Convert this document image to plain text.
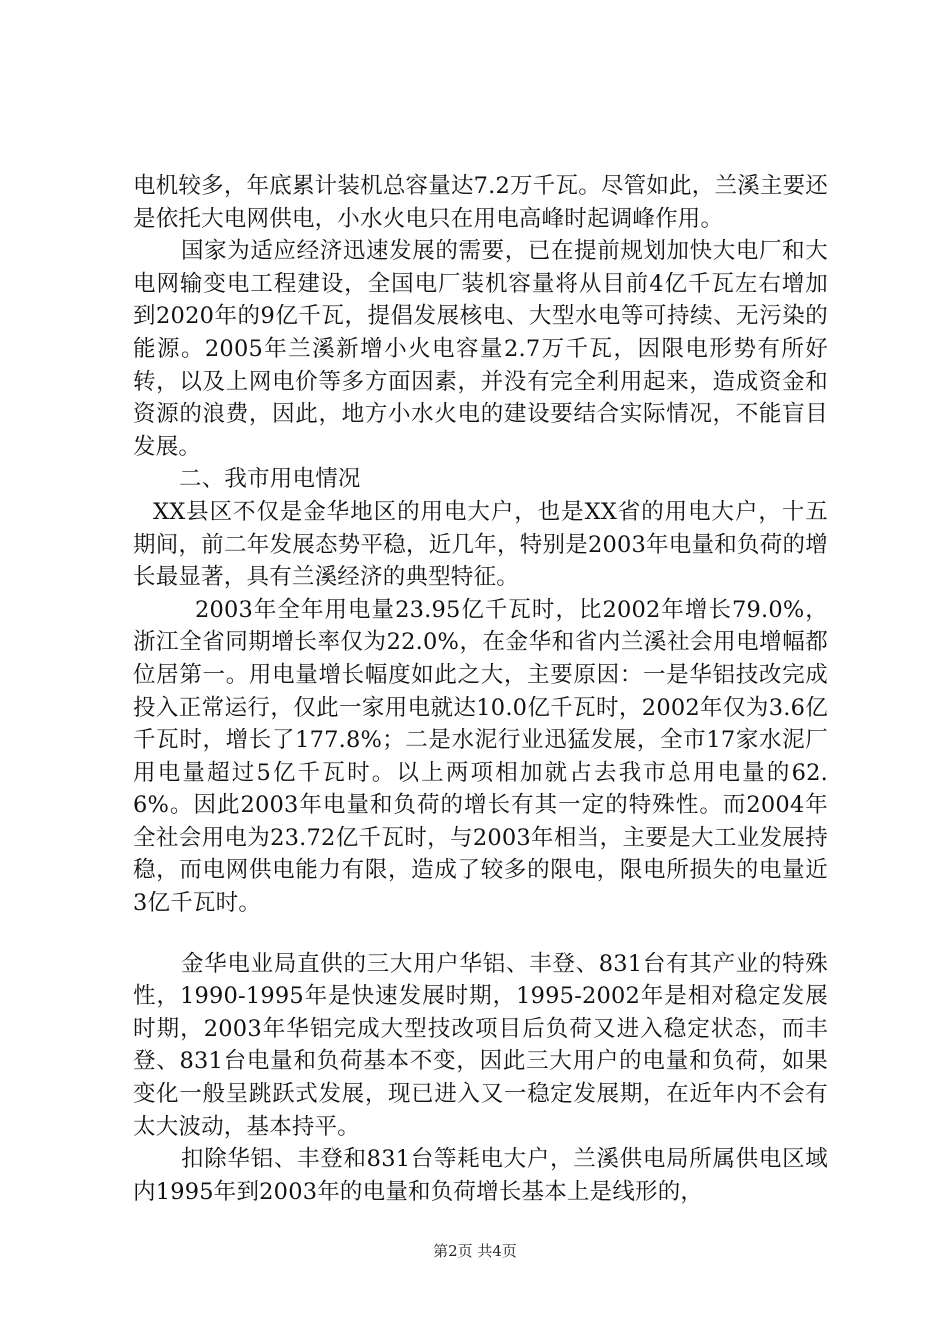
电机较多，年底累计装机总容量达7.2万千瓦。尽管如此，兰溪主要还是依托大电网供电，小水火电只在用电高峰时起调峰作用。

国家为适应经济迅速发展的需要，已在提前规划加快大电厂和大电网输变电工程建设，全国电厂装机容量将从目前4亿千瓦左右增加到2020年的9亿千瓦，提倡发展核电、大型水电等可持续、无污染的能源。2005年兰溪新增小火电容量2.7万千瓦，因限电形势有所好转，以及上网电价等多方面因素，并没有完全利用起来，造成资金和资源的浪费，因此，地方小水火电的建设要结合实际情况，不能盲目发展。

二、我市用电情况

XX县区不仅是金华地区的用电大户，也是XX省的用电大户，十五期间，前二年发展态势平稳，近几年，特别是2003年电量和负荷的增长最显著，具有兰溪经济的典型特征。

2003年全年用电量23.95亿千瓦时，比2002年增长79.0%，浙江全省同期增长率仅为22.0%，在金华和省内兰溪社会用电增幅都位居第一。用电量增长幅度如此之大，主要原因：一是华铝技改完成投入正常运行，仅此一家用电就达10.0亿千瓦时，2002年仅为3.6亿千瓦时，增长了177.8%；二是水泥行业迅猛发展，全市17家水泥厂用电量超过5亿千瓦时。以上两项相加就占去我市总用电量的62.6%。因此2003年电量和负荷的增长有其一定的特殊性。而2004年全社会用电为23.72亿千瓦时，与2003年相当，主要是大工业发展持稳，而电网供电能力有限，造成了较多的限电，限电所损失的电量近3亿千瓦时。

金华电业局直供的三大用户华铝、丰登、831台有其产业的特殊性，1990-1995年是快速发展时期，1995-2002年是相对稳定发展时期，2003年华铝完成大型技改项目后负荷又进入稳定状态，而丰登、831台电量和负荷基本不变，因此三大用户的电量和负荷，如果变化一般呈跳跃式发展，现已进入又一稳定发展期，在近年内不会有太大波动，基本持平。

扣除华铝、丰登和831台等耗电大户，兰溪供电局所属供电区域内1995年到2003年的电量和负荷增长基本上是线形的，

第2页 共4页
